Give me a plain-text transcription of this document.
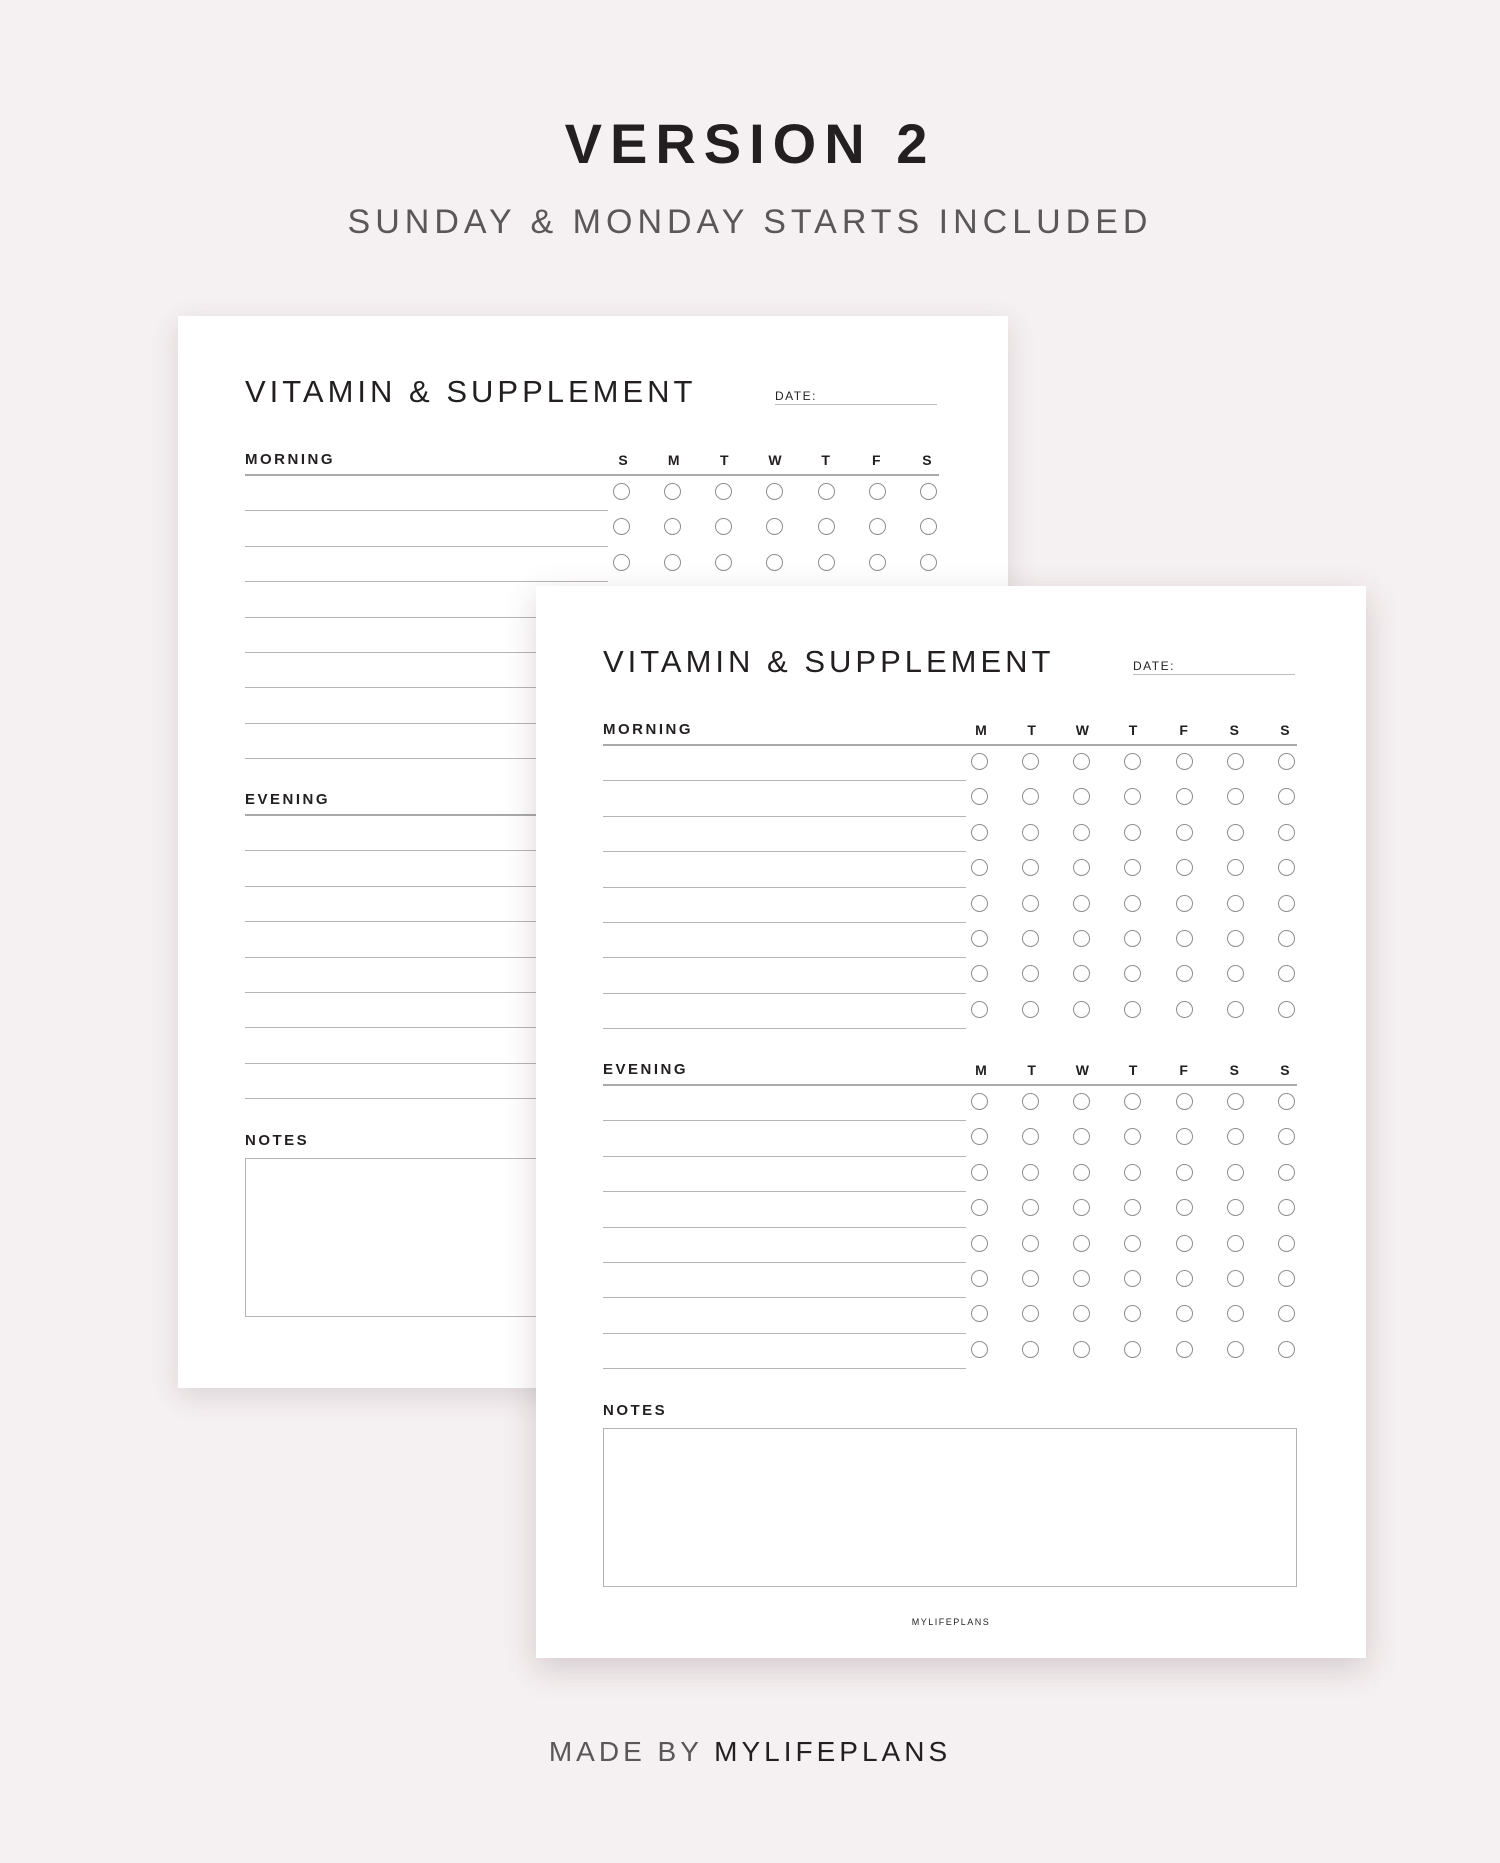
VERSION 2
SUNDAY & MONDAY STARTS INCLUDED
VITAMIN & SUPPLEMENT	DATE:
MORNING	S	M	T	W	T	F	S
EVENING
NOTES
VITAMIN & SUPPLEMENT	DATE:
MORNING	M	T	W	T	F	S	S
EVENING	M	T	W	T	F	S	S
NOTES
MYLIFEPLANS
MADE BY MYLIFEPLANS
